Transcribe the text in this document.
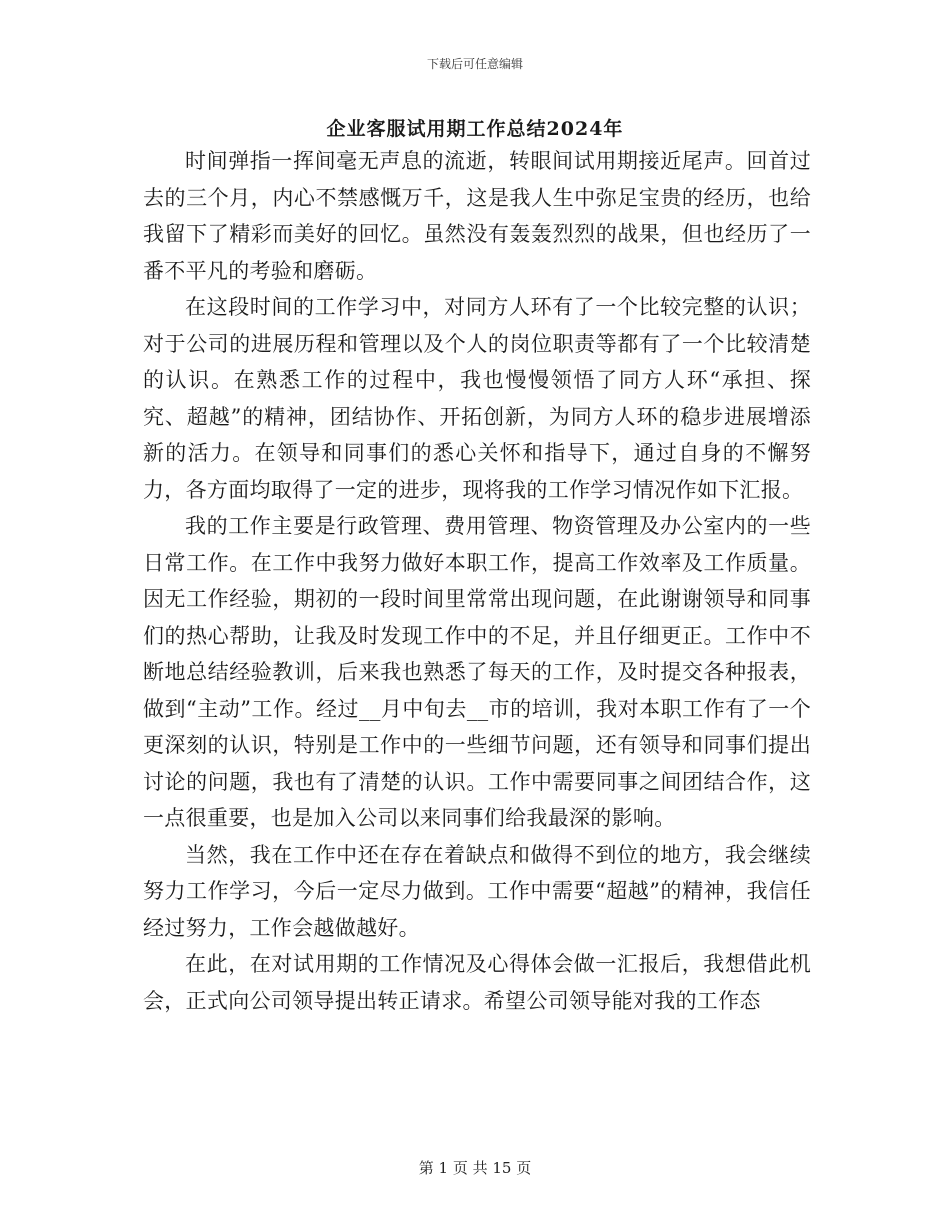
下载后可任意编辑
企业客服试用期工作总结2024年

时间弹指一挥间毫无声息的流逝，转眼间试用期接近尾声。回首过去的三个月，内心不禁感慨万千，这是我人生中弥足宝贵的经历，也给我留下了精彩而美好的回忆。虽然没有轰轰烈烈的战果，但也经历了一番不平凡的考验和磨砺。

在这段时间的工作学习中，对同方人环有了一个比较完整的认识；对于公司的进展历程和管理以及个人的岗位职责等都有了一个比较清楚的认识。在熟悉工作的过程中，我也慢慢领悟了同方人环“承担、探究、超越”的精神，团结协作、开拓创新，为同方人环的稳步进展增添新的活力。在领导和同事们的悉心关怀和指导下，通过自身的不懈努力，各方面均取得了一定的进步，现将我的工作学习情况作如下汇报。

我的工作主要是行政管理、费用管理、物资管理及办公室内的一些日常工作。在工作中我努力做好本职工作，提高工作效率及工作质量。因无工作经验，期初的一段时间里常常出现问题，在此谢谢领导和同事们的热心帮助，让我及时发现工作中的不足，并且仔细更正。工作中不断地总结经验教训，后来我也熟悉了每天的工作，及时提交各种报表，做到“主动”工作。经过__月中旬去__市的培训，我对本职工作有了一个更深刻的认识，特别是工作中的一些细节问题，还有领导和同事们提出讨论的问题，我也有了清楚的认识。工作中需要同事之间团结合作，这一点很重要，也是加入公司以来同事们给我最深的影响。

当然，我在工作中还在存在着缺点和做得不到位的地方，我会继续努力工作学习，今后一定尽力做到。工作中需要“超越”的精神，我信任经过努力，工作会越做越好。

在此，在对试用期的工作情况及心得体会做一汇报后，我想借此机会，正式向公司领导提出转正请求。希望公司领导能对我的工作态

第 1 页 共 15 页
